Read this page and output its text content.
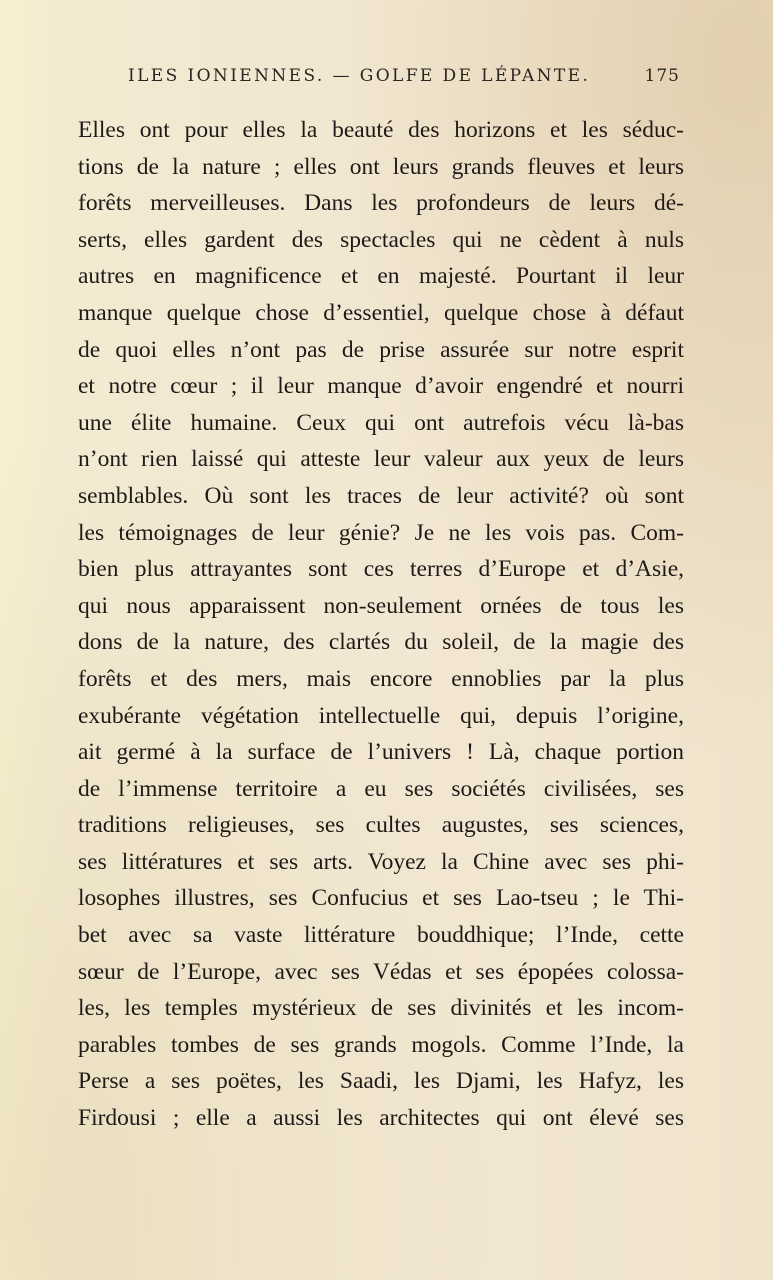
ILES IONIENNES. — GOLFE DE LÉPANTE.	175
Elles ont pour elles la beauté des horizons et les séduc-
tions de la nature ; elles ont leurs grands fleuves et leurs
forêts merveilleuses. Dans les profondeurs de leurs dé-
serts, elles gardent des spectacles qui ne cèdent à nuls
autres en magnificence et en majesté. Pourtant il leur
manque quelque chose d’essentiel, quelque chose à défaut
de quoi elles n’ont pas de prise assurée sur notre esprit
et notre cœur ; il leur manque d’avoir engendré et nourri
une élite humaine. Ceux qui ont autrefois vécu là-bas
n’ont rien laissé qui atteste leur valeur aux yeux de leurs
semblables. Où sont les traces de leur activité? où sont
les témoignages de leur génie? Je ne les vois pas. Com-
bien plus attrayantes sont ces terres d’Europe et d’Asie,
qui nous apparaissent non-seulement ornées de tous les
dons de la nature, des clartés du soleil, de la magie des
forêts et des mers, mais encore ennoblies par la plus
exubérante végétation intellectuelle qui, depuis l’origine,
ait germé à la surface de l’univers ! Là, chaque portion
de l’immense territoire a eu ses sociétés civilisées, ses
traditions religieuses, ses cultes augustes, ses sciences,
ses littératures et ses arts. Voyez la Chine avec ses phi-
losophes illustres, ses Confucius et ses Lao-tseu ; le Thi-
bet avec sa vaste littérature bouddhique; l’Inde, cette
sœur de l’Europe, avec ses Védas et ses épopées colossa-
les, les temples mystérieux de ses divinités et les incom-
parables tombes de ses grands mogols. Comme l’Inde, la
Perse a ses poëtes, les Saadi, les Djami, les Hafyz, les
Firdousi ; elle a aussi les architectes qui ont élevé ses
